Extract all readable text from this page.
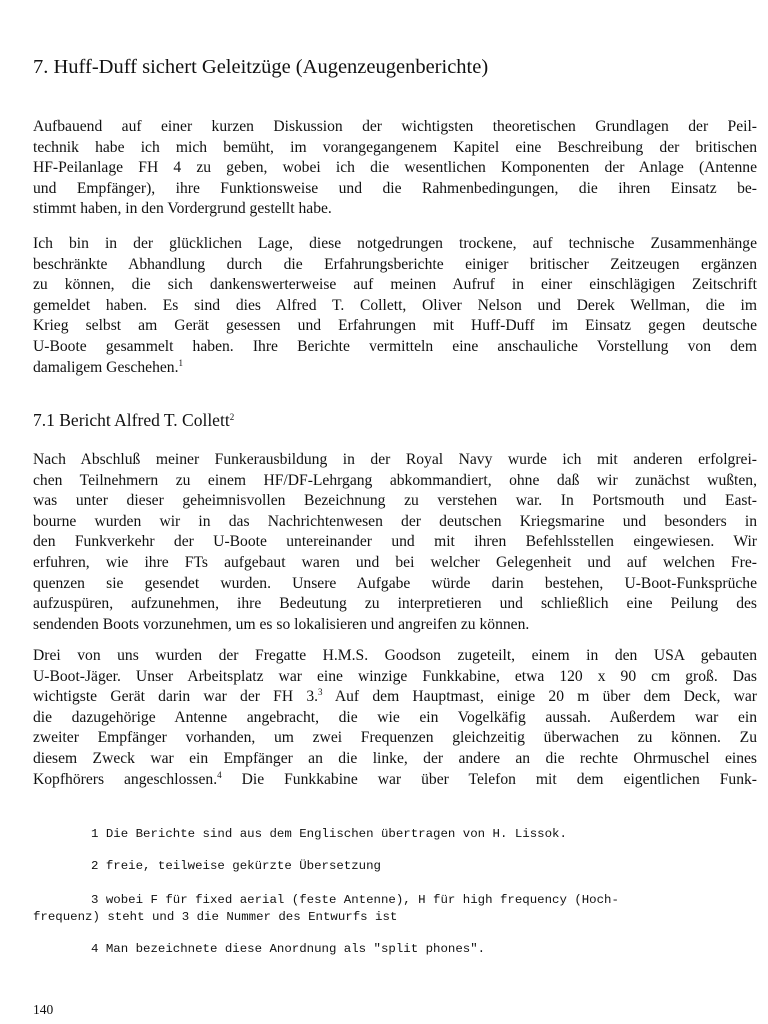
7. Huff-Duff sichert Geleitzüge (Augenzeugenberichte)

Aufbauend auf einer kurzen Diskussion der wichtigsten theoretischen Grundlagen der Peil-
technik habe ich mich bemüht, im vorangegangenem Kapitel eine Beschreibung der britischen
HF-Peilanlage FH 4 zu geben, wobei ich die wesentlichen Komponenten der Anlage (Antenne
und Empfänger), ihre Funktionsweise und die Rahmenbedingungen, die ihren Einsatz be-
stimmt haben, in den Vordergrund gestellt habe.

Ich bin in der glücklichen Lage, diese notgedrungen trockene, auf technische Zusammenhänge
beschränkte Abhandlung durch die Erfahrungsberichte einiger britischer Zeitzeugen ergänzen
zu können, die sich dankenswerterweise auf meinen Aufruf in einer einschlägigen Zeitschrift
gemeldet haben. Es sind dies Alfred T. Collett, Oliver Nelson und Derek Wellman, die im
Krieg selbst am Gerät gesessen und Erfahrungen mit Huff-Duff im Einsatz gegen deutsche
U-Boote gesammelt haben. Ihre Berichte vermitteln eine anschauliche Vorstellung von dem
damaligem Geschehen.$^1$

7.1 Bericht Alfred T. Collett$^2$

Nach Abschluß meiner Funkerausbildung in der Royal Navy wurde ich mit anderen erfolgrei-
chen Teilnehmern zu einem HF/DF-Lehrgang abkommandiert, ohne daß wir zunächst wußten,
was unter dieser geheimnisvollen Bezeichnung zu verstehen war. In Portsmouth und East-
bourne wurden wir in das Nachrichtenwesen der deutschen Kriegsmarine und besonders in
den Funkverkehr der U-Boote untereinander und mit ihren Befehlsstellen eingewiesen. Wir
erfuhren, wie ihre FTs aufgebaut waren und bei welcher Gelegenheit und auf welchen Fre-
quenzen sie gesendet wurden. Unsere Aufgabe würde darin bestehen, U-Boot-Funksprüche
aufzuspüren, aufzunehmen, ihre Bedeutung zu interpretieren und schließlich eine Peilung des
sendenden Boots vorzunehmen, um es so lokalisieren und angreifen zu können.

Drei von uns wurden der Fregatte H.M.S. Goodson zugeteilt, einem in den USA gebauten
U-Boot-Jäger. Unser Arbeitsplatz war eine winzige Funkkabine, etwa 120 x 90 cm groß. Das
wichtigste Gerät darin war der FH 3.$^3$ Auf dem Hauptmast, einige 20 m über dem Deck, war
die dazugehörige Antenne angebracht, die wie ein Vogelkäfig aussah. Außerdem war ein
zweiter Empfänger vorhanden, um zwei Frequenzen gleichzeitig überwachen zu können. Zu
diesem Zweck war ein Empfänger an die linke, der andere an die rechte Ohrmuschel eines
Kopfhörers angeschlossen.$^4$ Die Funkkabine war über Telefon mit dem eigentlichen Funk-

1 Die Berichte sind aus dem Englischen übertragen von H. Lissok.

2 freie, teilweise gekürzte Übersetzung

3 wobei F für fixed aerial (feste Antenne), H für high frequency (Hoch-
frequenz) steht und 3 die Nummer des Entwurfs ist

4 Man bezeichnete diese Anordnung als "split phones".

140
